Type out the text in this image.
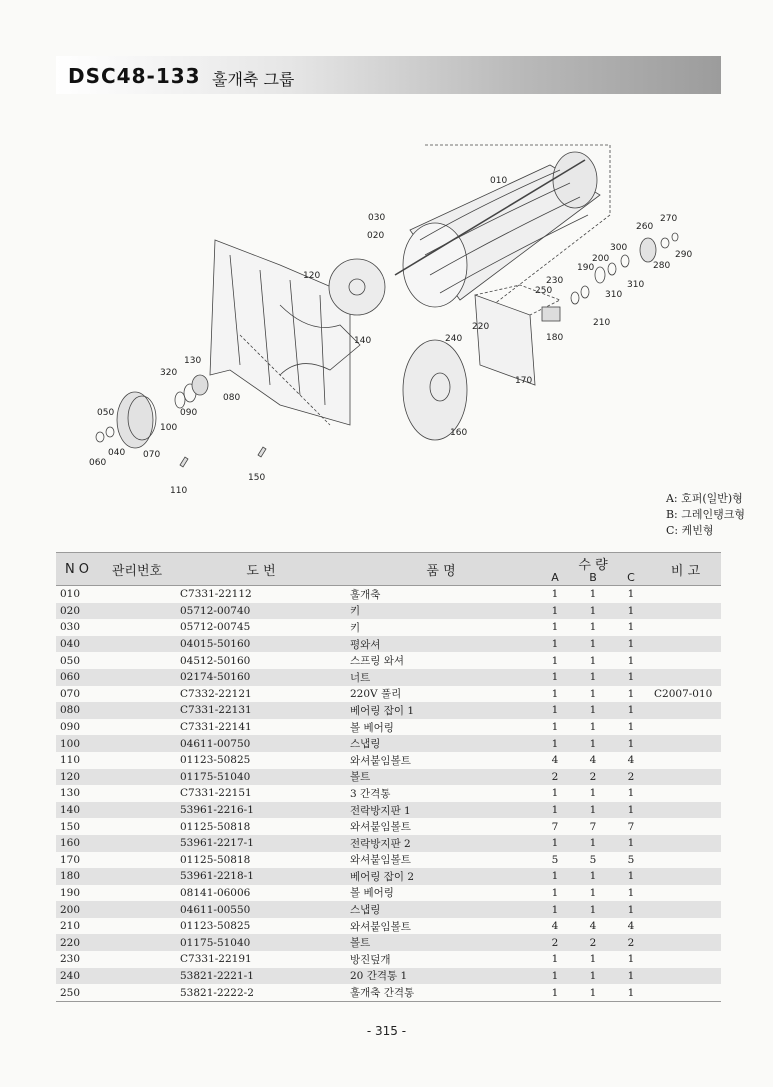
DSC48-133 훌개축 그룹
010
020
030
040
050
060
070
080
090
100
110
120
130
140
150
160
170
180
190
200
210
220
230
240
250
260
270
280
290
300
310
310
320
A: 호퍼(일반)형
B: 그레인탱크형
C: 케빈형
N O	관리번호	도 번	품 명	수 량
A B C			비 고
010		C7331-22112	훌개축	1	1	1	
020		05712-00740	키	1	1	1	
030		05712-00745	키	1	1	1	
040		04015-50160	평와셔	1	1	1	
050		04512-50160	스프링 와셔	1	1	1	
060		02174-50160	너트	1	1	1	
070		C7332-22121	220V 풀리	1	1	1	C2007-010
080		C7331-22131	베어링 잡이 1	1	1	1	
090		C7331-22141	볼 베어링	1	1	1	
100		04611-00750	스냅링	1	1	1	
110		01123-50825	와셔붙임볼트	4	4	4	
120		01175-51040	볼트	2	2	2	
130		C7331-22151	3 간격통	1	1	1	
140		53961-2216-1	전락방지판 1	1	1	1	
150		01125-50818	와셔붙임볼트	7	7	7	
160		53961-2217-1	전락방지판 2	1	1	1	
170		01125-50818	와셔붙임볼트	5	5	5	
180		53961-2218-1	베어링 잡이 2	1	1	1	
190		08141-06006	볼 베어링	1	1	1	
200		04611-00550	스냅링	1	1	1	
210		01123-50825	와셔붙임볼트	4	4	4	
220		01175-51040	볼트	2	2	2	
230		C7331-22191	방진덮개	1	1	1	
240		53821-2221-1	20 간격통 1	1	1	1	
250		53821-2222-2	훌개축 간격통	1	1	1	
- 315 -
